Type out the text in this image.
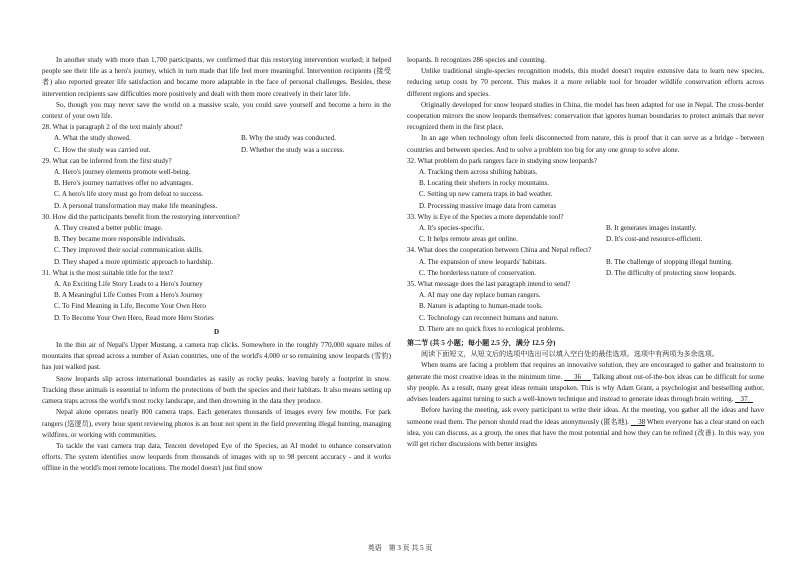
In another study with more than 1,700 participants, we confirmed that this restorying intervention worked; it helped people see their life as a hero's journey, which in turn made that life feel more meaningful. Intervention recipients (接受者) also reported greater life satisfaction and became more adaptable in the face of personal challenges. Besides, these intervention recipients saw difficulties more positively and dealt with them more creatively in their later life.

So, though you may never save the world on a massive scale, you could save yourself and become a hero in the context of your own life.

28. What is paragraph 2 of the text mainly about?

A. What the study showed.	B. Why the study was conducted.
C. How the study was carried out.	D. Whether the study was a success.

29. What can be inferred from the first study?

A. Hero's journey elements promote well-being.

B. Hero's journey narratives offer no advantages.

C. A hero's life story must go from defeat to success.

D. A personal transformation may make life meaningless.

30. How did the participants benefit from the restorying intervention?

A. They created a better public image.

B. They became more responsible individuals.

C. They improved their social communication skills.

D. They shaped a more optimistic approach to hardship.

31. What is the most suitable title for the text?

A. An Exciting Life Story Leads to a Hero's Journey

B. A Meaningful Life Comes From a Hero's Journey

C. To Find Meaning in Life, Become Your Own Hero

D. To Become Your Own Hero, Read more Hero Stories

D

In the thin air of Nepal's Upper Mustang, a camera trap clicks. Somewhere in the roughly 770,000 square miles of mountains that spread across a number of Asian countries, one of the world's 4,000 or so remaining snow leopards (雪豹) has just walked past.

Snow leopards slip across international boundaries as easily as rocky peaks, leaving barely a footprint in snow. Tracking these animals is essential to inform the protections of both the species and their habitats. It also means setting up camera traps across the world's most rocky landscape, and then drowning in the data they produce.

Nepal alone operates nearly 800 camera traps. Each generates thousands of images every few months. For park rangers (巡逻员), every hour spent reviewing photos is an hour not spent in the field preventing illegal hunting, managing wildfires, or working with communities.

To tackle the vast camera trap data, Tencent developed Eye of the Species, an AI model to enhance conservation efforts. The system identifies snow leopards from thousands of images with up to 98 percent accuracy - and it works offline in the world's most remote locations. The model doesn't just find snow

leopards. It recognizes 286 species and counting.

Unlike traditional single-species recognition models, this model doesn't require extensive data to learn new species, reducing setup costs by 70 percent. This makes it a more reliable tool for broader wildlife conservation efforts across different regions and species.

Originally developed for snow leopard studies in China, the model has been adapted for use in Nepal. The cross-border cooperation mirrors the snow leopards themselves: conservation that ignores human boundaries to protect animals that never recognized them in the first place.

In an age when technology often feels disconnected from nature, this is proof that it can serve as a bridge - between countries and between species. And to solve a problem too big for any one group to solve alone.

32. What problem do park rangers face in studying snow leopards?

A. Tracking them across shifting habitats.

B. Locating their shelters in rocky mountains.

C. Setting up new camera traps in bad weather.

D. Processing massive image data from cameras

33. Why is Eye of the Species a more dependable tool?

A. It's species-specific.	B. It generates images instantly.
C. It helps remote areas get online.	D. It's cost-and resource-efficient.

34. What does the cooperation between China and Nepal reflect?

A. The expansion of snow leopards' habitats.	B. The challenge of stopping illegal hunting.
C. The borderless nature of conservation.	D. The difficulty of protecting snow leopards.

35. What message does the last paragraph intend to send?

A. AI may one day replace human rangers.

B. Nature is adapting to human-made tools.

C. Technology can reconnect humans and nature.

D. There are no quick fixes to ecological problems.

第二节 (共 5 小题；每小题 2.5 分，满分 12.5 分)

阅读下面短文，从短文后的选项中选出可以填入空白处的最佳选项。选项中有两项为多余选项。

When teams are facing a problem that requires an innovative solution, they are encouraged to gather and brainstorm to generate the most creative ideas in the minimum time. 36 Talking about out-of-the-box ideas can be difficult for some shy people. As a result, many great ideas remain unspoken. This is why Adam Grant, a psychologist and bestselling author, advises leaders against turning to such a well-known technique and instead to generate ideas through brain writing. 37

Before having the meeting, ask every participant to write their ideas. At the meeting, you gather all the ideas and have someone read them. The person should read the ideas anonymously (匿名地). 38 When everyone has a clear stand on each idea, you can discuss, as a group, the ones that have the most potential and how they can be refined (改善). In this way, you will get richer discussions with better insights

英语　第 3 页 共 5 页
